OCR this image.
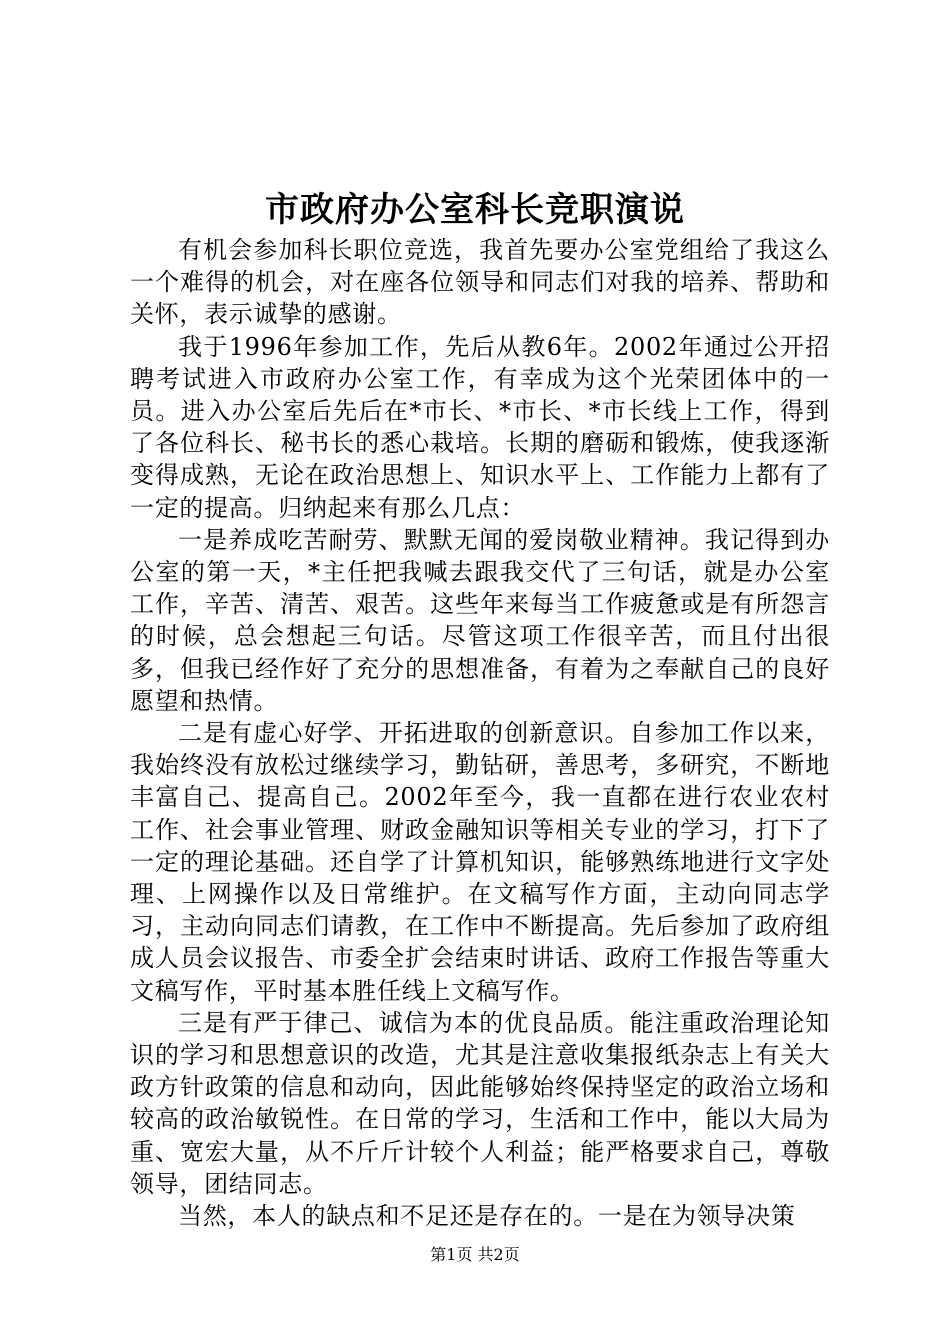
市政府办公室科长竞职演说

有机会参加科长职位竞选，我首先要办公室党组给了我这么一个难得的机会，对在座各位领导和同志们对我的培养、帮助和关怀，表示诚挚的感谢。

我于1996年参加工作，先后从教6年。2002年通过公开招聘考试进入市政府办公室工作，有幸成为这个光荣团体中的一员。进入办公室后先后在*市长、*市长、*市长线上工作，得到了各位科长、秘书长的悉心栽培。长期的磨砺和锻炼，使我逐渐变得成熟，无论在政治思想上、知识水平上、工作能力上都有了一定的提高。归纳起来有那么几点：

一是养成吃苦耐劳、默默无闻的爱岗敬业精神。我记得到办公室的第一天，*主任把我喊去跟我交代了三句话，就是办公室工作，辛苦、清苦、艰苦。这些年来每当工作疲惫或是有所怨言的时候，总会想起三句话。尽管这项工作很辛苦，而且付出很多，但我已经作好了充分的思想准备，有着为之奉献自己的良好愿望和热情。

二是有虚心好学、开拓进取的创新意识。自参加工作以来，我始终没有放松过继续学习，勤钻研，善思考，多研究，不断地丰富自己、提高自己。2002年至今，我一直都在进行农业农村工作、社会事业管理、财政金融知识等相关专业的学习，打下了一定的理论基础。还自学了计算机知识，能够熟练地进行文字处理、上网操作以及日常维护。在文稿写作方面，主动向同志学习，主动向同志们请教，在工作中不断提高。先后参加了政府组成人员会议报告、市委全扩会结束时讲话、政府工作报告等重大文稿写作，平时基本胜任线上文稿写作。

三是有严于律己、诚信为本的优良品质。能注重政治理论知识的学习和思想意识的改造，尤其是注意收集报纸杂志上有关大政方针政策的信息和动向，因此能够始终保持坚定的政治立场和较高的政治敏锐性。在日常的学习，生活和工作中，能以大局为重、宽宏大量，从不斤斤计较个人利益；能严格要求自己，尊敬领导，团结同志。

当然，本人的缺点和不足还是存在的。一是在为领导决策

第1页 共2页
